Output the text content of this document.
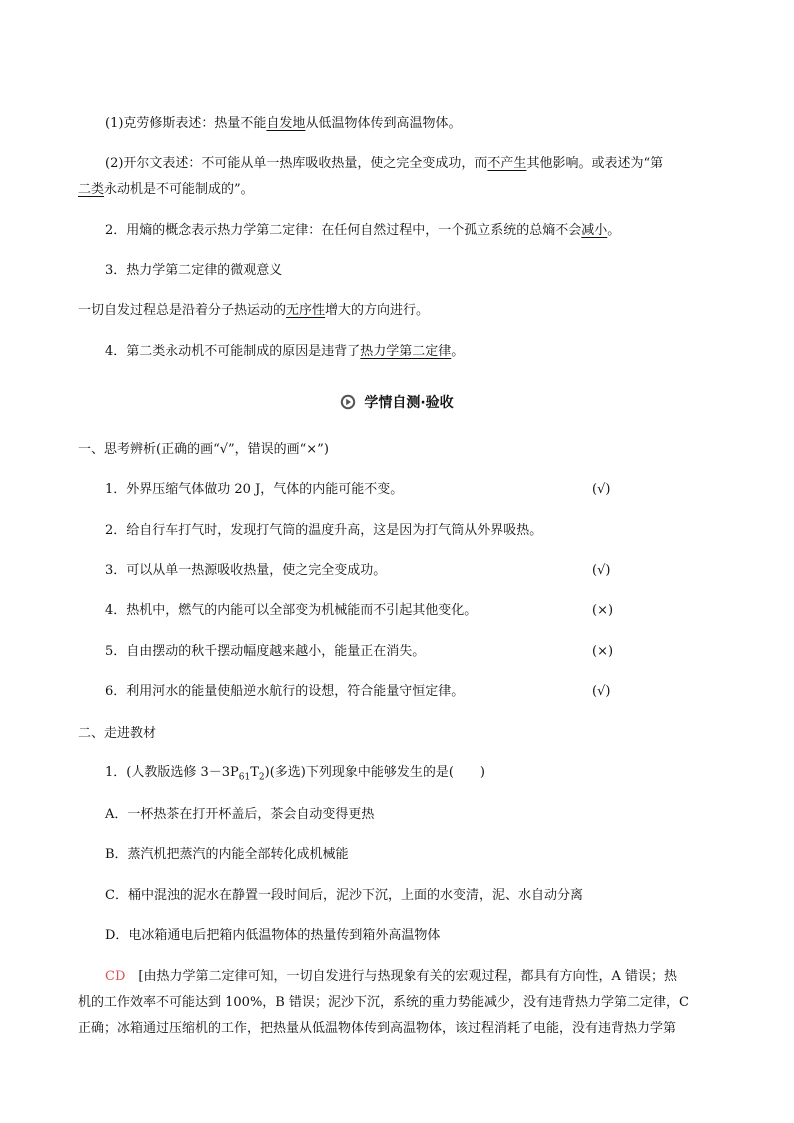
(1)克劳修斯表述：热量不能自发地从低温物体传到高温物体。
(2)开尔文表述：不可能从单一热库吸收热量，使之完全变成功，而不产生其他影响。或表述为“第
二类永动机是不可能制成的”。
2．用熵的概念表示热力学第二定律：在任何自然过程中，一个孤立系统的总熵不会减小。
3．热力学第二定律的微观意义
一切自发过程总是沿着分子热运动的无序性增大的方向进行。
4．第二类永动机不可能制成的原因是违背了热力学第二定律。
学情自测·验收
一、思考辨析(正确的画“√”，错误的画“×”)
1．外界压缩气体做功 20 J，气体的内能可能不变。	(√)
2．给自行车打气时，发现打气筒的温度升高，这是因为打气筒从外界吸热。
3．可以从单一热源吸收热量，使之完全变成功。	(√)
4．热机中，燃气的内能可以全部变为机械能而不引起其他变化。	(×)
5．自由摆动的秋千摆动幅度越来越小，能量正在消失。	(×)
6．利用河水的能量使船逆水航行的设想，符合能量守恒定律。	(√)
二、走进教材
1．(人教版选修 $3-3P_{61}T_2$)(多选)下列现象中能够发生的是(　　)
A．一杯热茶在打开杯盖后，茶会自动变得更热
B．蒸汽机把蒸汽的内能全部转化成机械能
C．桶中混浊的泥水在静置一段时间后，泥沙下沉，上面的水变清，泥、水自动分离
D．电冰箱通电后把箱内低温物体的热量传到箱外高温物体
CD　 [由热力学第二定律可知，一切自发进行与热现象有关的宏观过程，都具有方向性，A 错误；热
机的工作效率不可能达到 100%，B 错误；泥沙下沉，系统的重力势能减少，没有违背热力学第二定律，C
正确；冰箱通过压缩机的工作，把热量从低温物体传到高温物体，该过程消耗了电能，没有违背热力学第
